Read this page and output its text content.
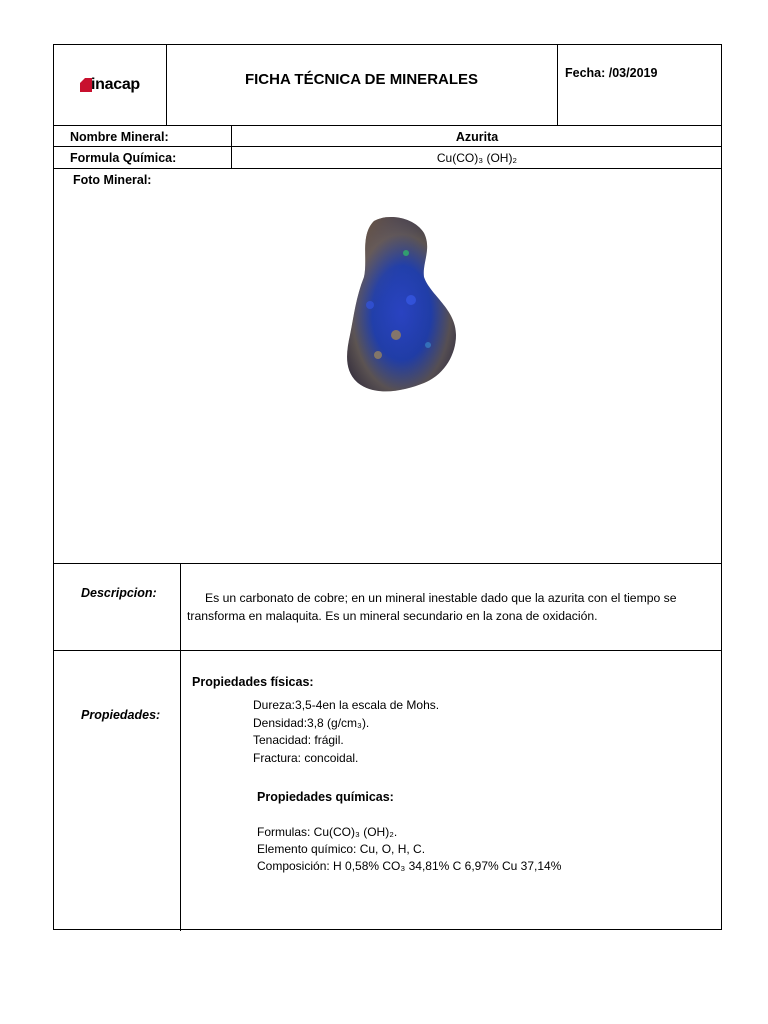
inacap	FICHA TÉCNICA DE MINERALES	Fecha: /03/2019
Nombre Mineral:	Azurita
Formula Química:	Cu(CO)₃ (OH)₂
Foto Mineral:
Descripcion:	Es un carbonato de cobre; en un mineral inestable dado que la azurita con el tiempo se transforma en malaquita. Es un mineral secundario en la zona de oxidación.
Propiedades:
Propiedades físicas:
Dureza:3,5-4en la escala de Mohs.
Densidad:3,8 (g/cm₃).
Tenacidad: frágil.
Fractura: concoidal.
Propiedades químicas:
Formulas: Cu(CO)₃ (OH)₂.
Elemento químico: Cu, O, H, C.
Composición: H 0,58% CO₃ 34,81% C 6,97% Cu 37,14%
